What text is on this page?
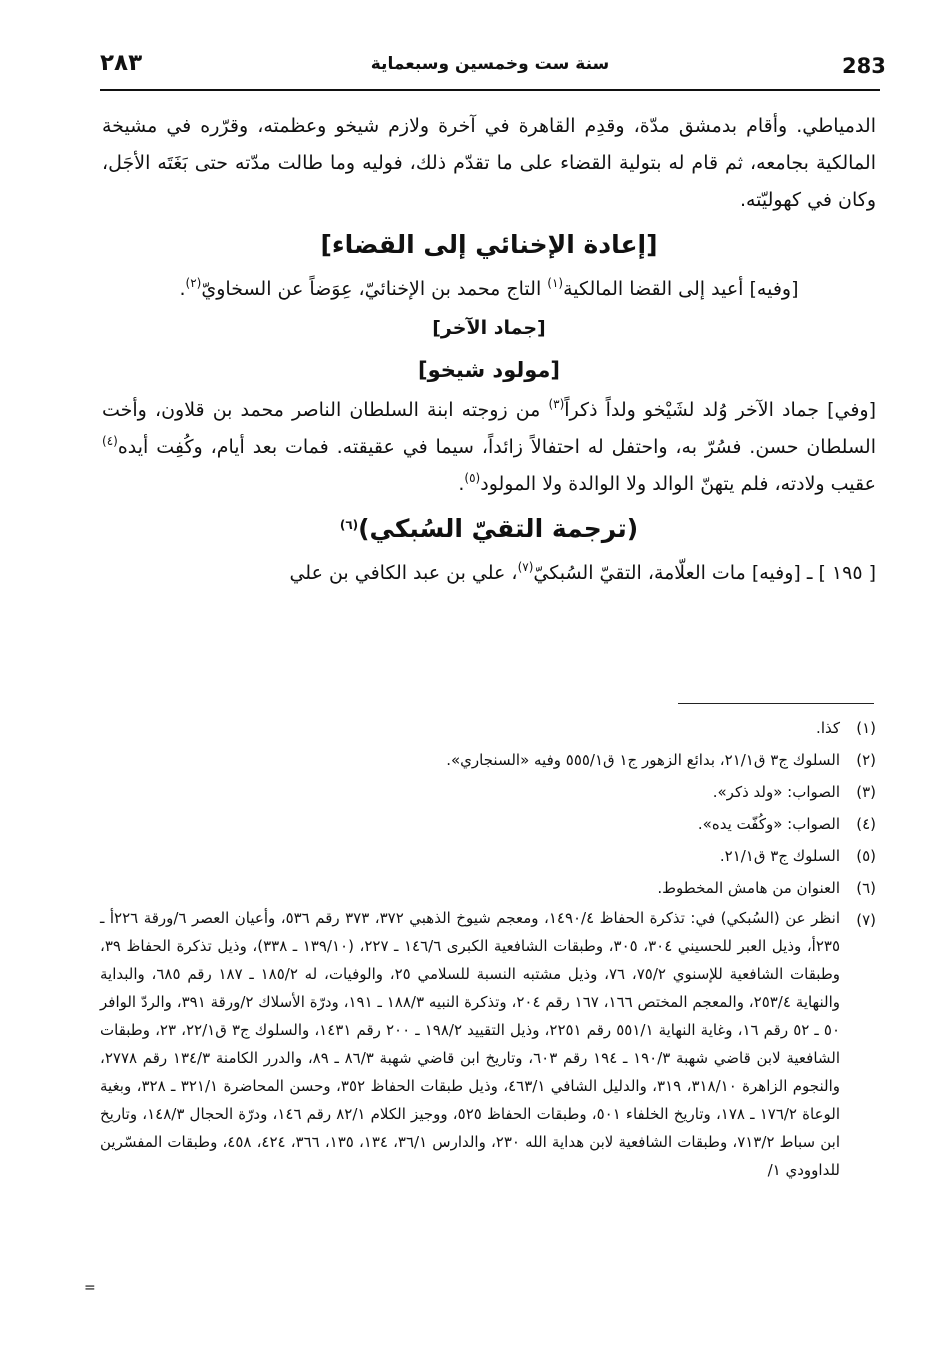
٢٨٣	سنة ست وخمسين وسبعماية	283

الدمياطي. وأقام بدمشق مدّة، وقدِم القاهرة في آخرة ولازم شيخو وعظمته، وقرّره في مشيخة المالكية بجامعه، ثم قام له بتولية القضاء على ما تقدّم ذلك، فوليه وما طالت مدّته حتى بَغَتَه الأجَل، وكان في كهوليّته.

[إعادة الإخنائي إلى القضاء]

[وفيه] أعيد إلى القضا المالكية$^{(١)}$ التاج محمد بن الإخنائيّ، عِوَضاً عن السخاويّ$^{(٢)}$.

[جماد الآخر]
[مولود شيخو]

[وفي] جماد الآخر وُلد لشَيْخو ولداً ذكراً$^{(٣)}$ من زوجته ابنة السلطان الناصر محمد بن قلاون، وأخت السلطان حسن. فسُرّ به، واحتفل له احتفالاً زائداً، سيما في عقيقته. فمات بعد أيام، وكُفِت أيده$^{(٤)}$ عقيب ولادته، فلم يتهنّ الوالد ولا الوالدة ولا المولود$^{(٥)}$.

(ترجمة التقيّ السُبكي)$^{(٦)}$

[ ١٩٥ ] ـ [وفيه] مات العلّامة، التقيّ السُبكيّ$^{(٧)}$، علي بن عبد الكافي بن علي

(١)
كذا.
(٢)
السلوك ج٣ ق٢١/١، بدائع الزهور ج١ ق٥٥٥/١ وفيه «السنجاري».
(٣)
الصواب: «ولد ذكر».
(٤)
الصواب: «وكُفّت يده».
(٥)
السلوك ج٣ ق٢١/١.
(٦)
العنوان من هامش المخطوط.
(٧)
انظر عن (السُبكي) في: تذكرة الحفاظ ١٤٩٠/٤، ومعجم شيوخ الذهبي ٣٧٢، ٣٧٣ رقم ٥٣٦، وأعيان العصر ٦/ورقة ٢٢٦أ ـ ٢٣٥أ، وذيل العبر للحسيني ٣٠٤، ٣٠٥، وطبقات الشافعية الكبرى ١٤٦/٦ ـ ٢٢٧، (١٣٩/١٠ ـ ٣٣٨)، وذيل تذكرة الحفاظ ٣٩، وطبقات الشافعية للإسنوي ٧٥/٢، ٧٦، وذيل مشتبه النسبة للسلامي ٢٥، والوفيات، له ١٨٥/٢ ـ ١٨٧ رقم ٦٨٥، والبداية والنهاية ٢٥٣/٤، والمعجم المختص ١٦٦، ١٦٧ رقم ٢٠٤، وتذكرة النبيه ١٨٨/٣ ـ ١٩١، ودرّة الأسلاك ٢/ورقة ٣٩١، والردّ الوافر ٥٠ ـ ٥٢ رقم ١٦، وغاية النهاية ٥٥١/١ رقم ٢٢٥١، وذيل التقييد ١٩٨/٢ ـ ٢٠٠ رقم ١٤٣١، والسلوك ج٣ ق٢٢/١، ٢٣، وطبقات الشافعية لابن قاضي شهبة ١٩٠/٣ ـ ١٩٤ رقم ٦٠٣، وتاريخ ابن قاضي شهبة ٨٦/٣ ـ ٨٩، والدرر الكامنة ١٣٤/٣ رقم ٢٧٧٨، والنجوم الزاهرة ٣١٨/١٠، ٣١٩، والدليل الشافي ٤٦٣/١، وذيل طبقات الحفاظ ٣٥٢، وحسن المحاضرة ٣٢١/١ ـ ٣٢٨، وبغية الوعاة ١٧٦/٢ ـ ١٧٨، وتاريخ الخلفاء ٥٠١، وطبقات الحفاظ ٥٢٥، ووجيز الكلام ٨٢/١ رقم ١٤٦، ودرّة الحجال ١٤٨/٣، وتاريخ ابن سباط ٧١٣/٢، وطبقات الشافعية لابن هداية الله ٢٣٠، والدارس ٣٦/١، ١٣٤، ١٣٥، ٣٦٦، ٤٢٤، ٤٥٨، وطبقات المفسّرين للداوودي ١/
=
